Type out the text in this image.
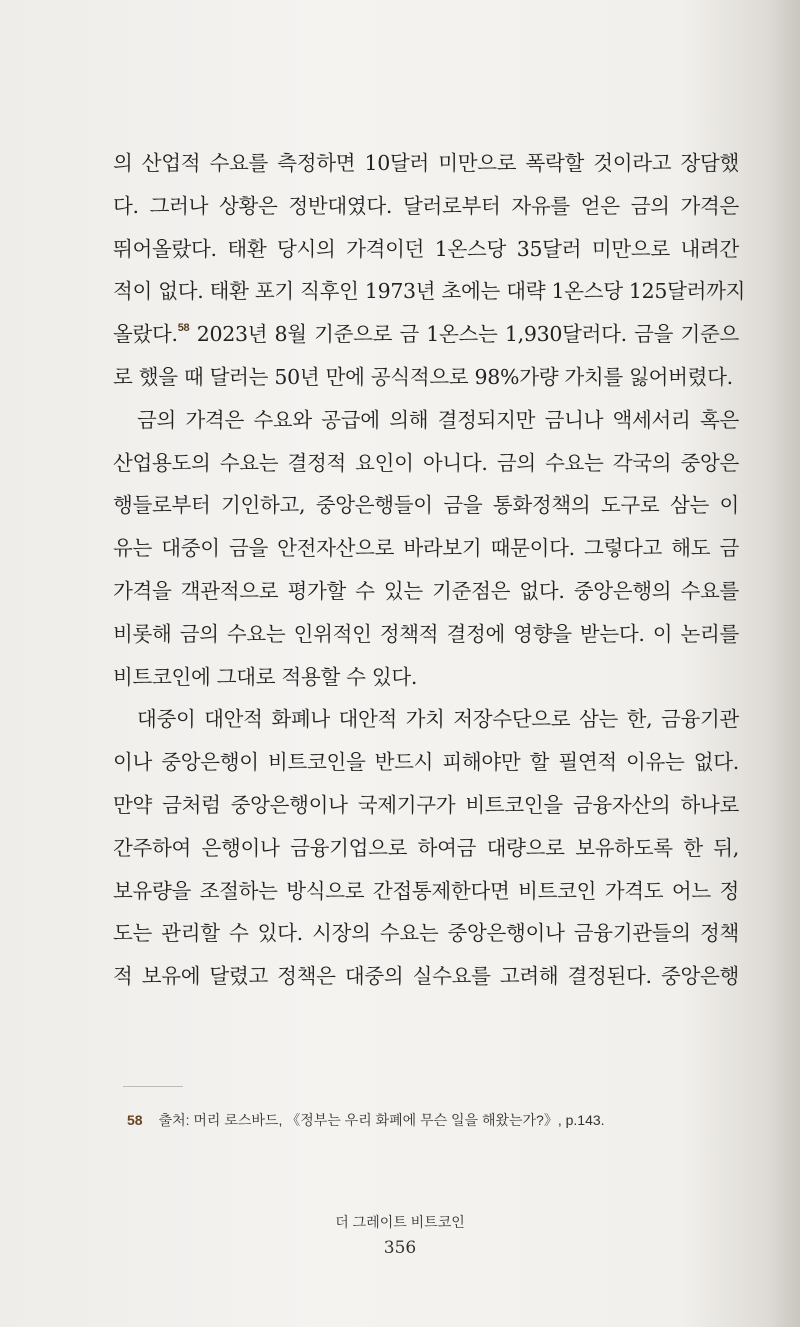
의 산업적 수요를 측정하면 10달러 미만으로 폭락할 것이라고 장담했
다. 그러나 상황은 정반대였다. 달러로부터 자유를 얻은 금의 가격은
뛰어올랐다. 태환 당시의 가격이던 1온스당 35달러 미만으로 내려간
적이 없다. 태환 포기 직후인 1973년 초에는 대략 1온스당 125달러까지
올랐다.$^{58}$ 2023년 8월 기준으로 금 1온스는 1,930달러다. 금을 기준으
로 했을 때 달러는 50년 만에 공식적으로 98%가량 가치를 잃어버렸다.
금의 가격은 수요와 공급에 의해 결정되지만 금니나 액세서리 혹은
산업용도의 수요는 결정적 요인이 아니다. 금의 수요는 각국의 중앙은
행들로부터 기인하고, 중앙은행들이 금을 통화정책의 도구로 삼는 이
유는 대중이 금을 안전자산으로 바라보기 때문이다. 그렇다고 해도 금
가격을 객관적으로 평가할 수 있는 기준점은 없다. 중앙은행의 수요를
비롯해 금의 수요는 인위적인 정책적 결정에 영향을 받는다. 이 논리를
비트코인에 그대로 적용할 수 있다.
대중이 대안적 화폐나 대안적 가치 저장수단으로 삼는 한, 금융기관
이나 중앙은행이 비트코인을 반드시 피해야만 할 필연적 이유는 없다.
만약 금처럼 중앙은행이나 국제기구가 비트코인을 금융자산의 하나로
간주하여 은행이나 금융기업으로 하여금 대량으로 보유하도록 한 뒤,
보유량을 조절하는 방식으로 간접통제한다면 비트코인 가격도 어느 정
도는 관리할 수 있다. 시장의 수요는 중앙은행이나 금융기관들의 정책
적 보유에 달렸고 정책은 대중의 실수요를 고려해 결정된다. 중앙은행
58 출처: 머리 로스바드, 《정부는 우리 화폐에 무슨 일을 해왔는가?》, p.143.
더 그레이트 비트코인
356
